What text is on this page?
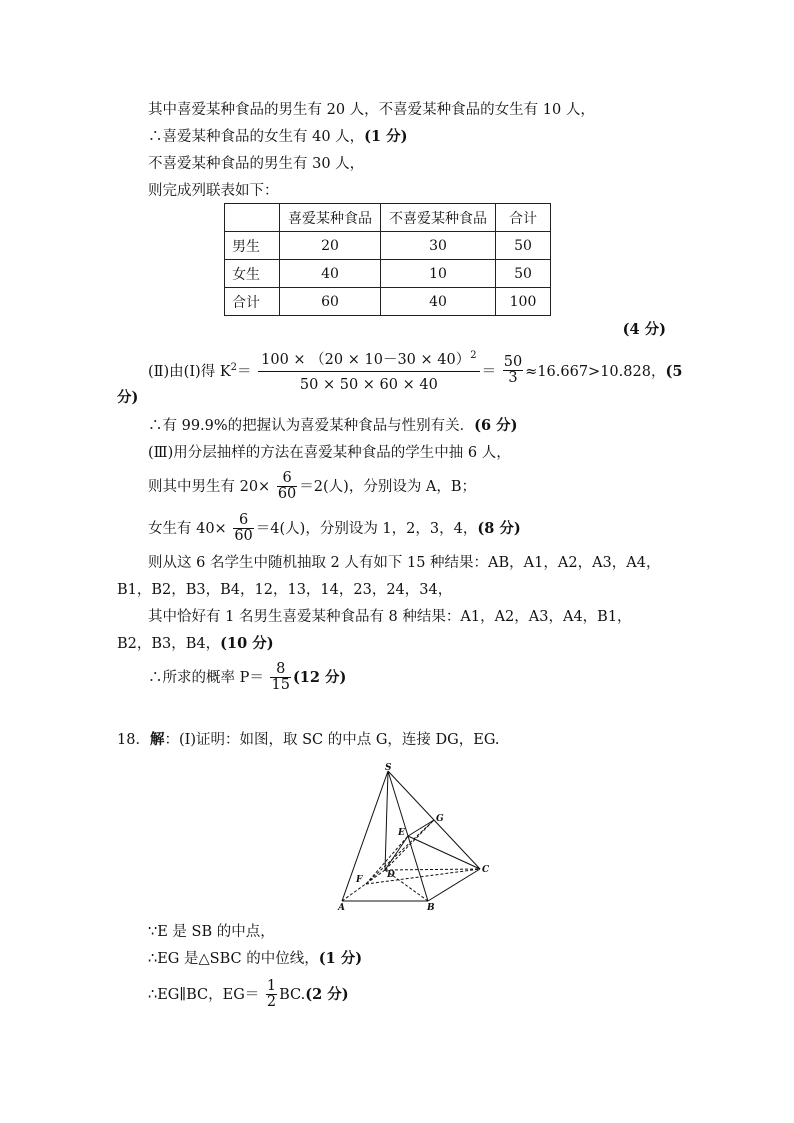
其中喜爱某种食品的男生有 20 人，不喜爱某种食品的女生有 10 人，
∴喜爱某种食品的女生有 40 人，(1 分)
不喜爱某种食品的男生有 30 人，
则完成列联表如下：
	喜爱某种食品	不喜爱某种食品	合计
男生	20	30	50
女生	40	10	50
合计	60	40	100
(4 分)
(Ⅱ)由(Ⅰ)得 $K^2= \frac{100 \times (20 \times 10-30 \times 40)^2}{50 \times 50 \times 60 \times 40} = \frac{50}{3} \approx 16.667>10.828$，(5
分)
∴有 99.9%的把握认为喜爱某种食品与性别有关．(6 分)
(Ⅲ)用分层抽样的方法在喜爱某种食品的学生中抽 6 人，
则其中男生有 $20\times \frac{6}{60} =2$(人)，分别设为 A，B；
女生有 $40\times \frac{6}{60} =4$(人)，分别设为 1，2，3，4，(8 分)
则从这 6 名学生中随机抽取 2 人有如下 15 种结果：AB，A1，A2，A3，A4，
B1，B2，B3，B4，12，13，14，23，24，34，
其中恰好有 1 名男生喜爱某种食品有 8 种结果：A1，A2，A3，A4，B1，
B2，B3，B4，(10 分)
∴所求的概率 $P= \frac{8}{15} (12$ 分)
18．解：(Ⅰ)证明：如图，取 SC 的中点 G，连接 DG，EG.
S
G
E
D
F
C
A	B
∵E 是 SB 的中点，
∴EG 是△SBC 的中位线，(1 分)
∴EG∥BC，$EG= \frac{1}{2} BC.(2$ 分)
